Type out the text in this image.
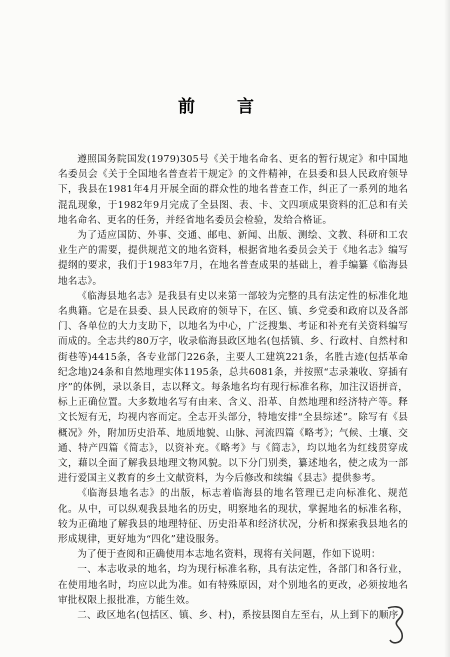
前 言

遵照国务院国发(1979)305号《关于地名命名、更名的暂行规定》和中国地名委员会《关于全国地名普查若干规定》的文件精神，在县委和县人民政府领导下，我县在1981年4月开展全面的群众性的地名普查工作，纠正了一系列的地名混乱现象，于1982年9月完成了全县图、表、卡、文四项成果资料的汇总和有关地名命名、更名的任务，并经省地名委员会检验，发给合格证。

为了适应国防、外事、交通、邮电、新闻、出版、测绘、文教、科研和工农业生产的需要，提供规范文的地名资料，根据省地名委员会关于《地名志》编写提纲的要求，我们于1983年7月，在地名普查成果的基础上，着手编纂《临海县地名志》。

《临海县地名志》是我县有史以来第一部较为完整的具有法定性的标准化地名典籍。它是在县委、县人民政府的领导下，在区、镇、乡党委和政府以及各部门、各单位的大力支助下，以地名为中心，广泛搜集、考证和补充有关资料编写而成的。全志共约80万字，收录临海县政区地名(包括镇、乡、行政村、自然村和街巷等)4415条，各专业部门226条，主要人工建筑221条，名胜古迹(包括革命纪念地)24条和自然地理实体1195条，总共6081条，并按照“志录兼收、穿插有序”的体例，录以条目，志以释文。每条地名均有现行标准名称，加注汉语拼音，标上正确位置。大多数地名写有由来、含义、沿革、自然地理和经济特产等。释文长短有无，均视内容而定。全志开头部分，特地安排“全县综述”。除写有《县概况》外，附加历史沿革、地质地貌、山脉、河流四篇《略考》；气候、土壤、交通、特产四篇《简志》，以资补充。《略考》与《简志》，均以地名为红线贯穿成文，藉以全面了解我县地理文物风貌。以下分门别类，纂述地名，使之成为一部进行爱国主义教育的乡土文献资料，为今后修改和续编《县志》提供参考。

《临海县地名志》的出版，标志着临海县的地名管理已走向标准化、规范化。从中，可以纵观我县地名的历史，明察地名的现状，掌握地名的标准名称，较为正确地了解我县的地理特征、历史沿革和经济状况，分析和探索我县地名的形成规律，更好地为“四化”建设服务。

为了便于查阅和正确使用本志地名资料，现将有关问题，作如下说明：

一、本志收录的地名，均为现行标准名称，具有法定性，各部门和各行业，在使用地名时，均应以此为准。如有特殊原因，对个别地名的更改，必须按地名审批权限上报批准，方能生效。

二、政区地名(包括区、镇、乡、村)，系按县图自左至右，从上到下的顺序
